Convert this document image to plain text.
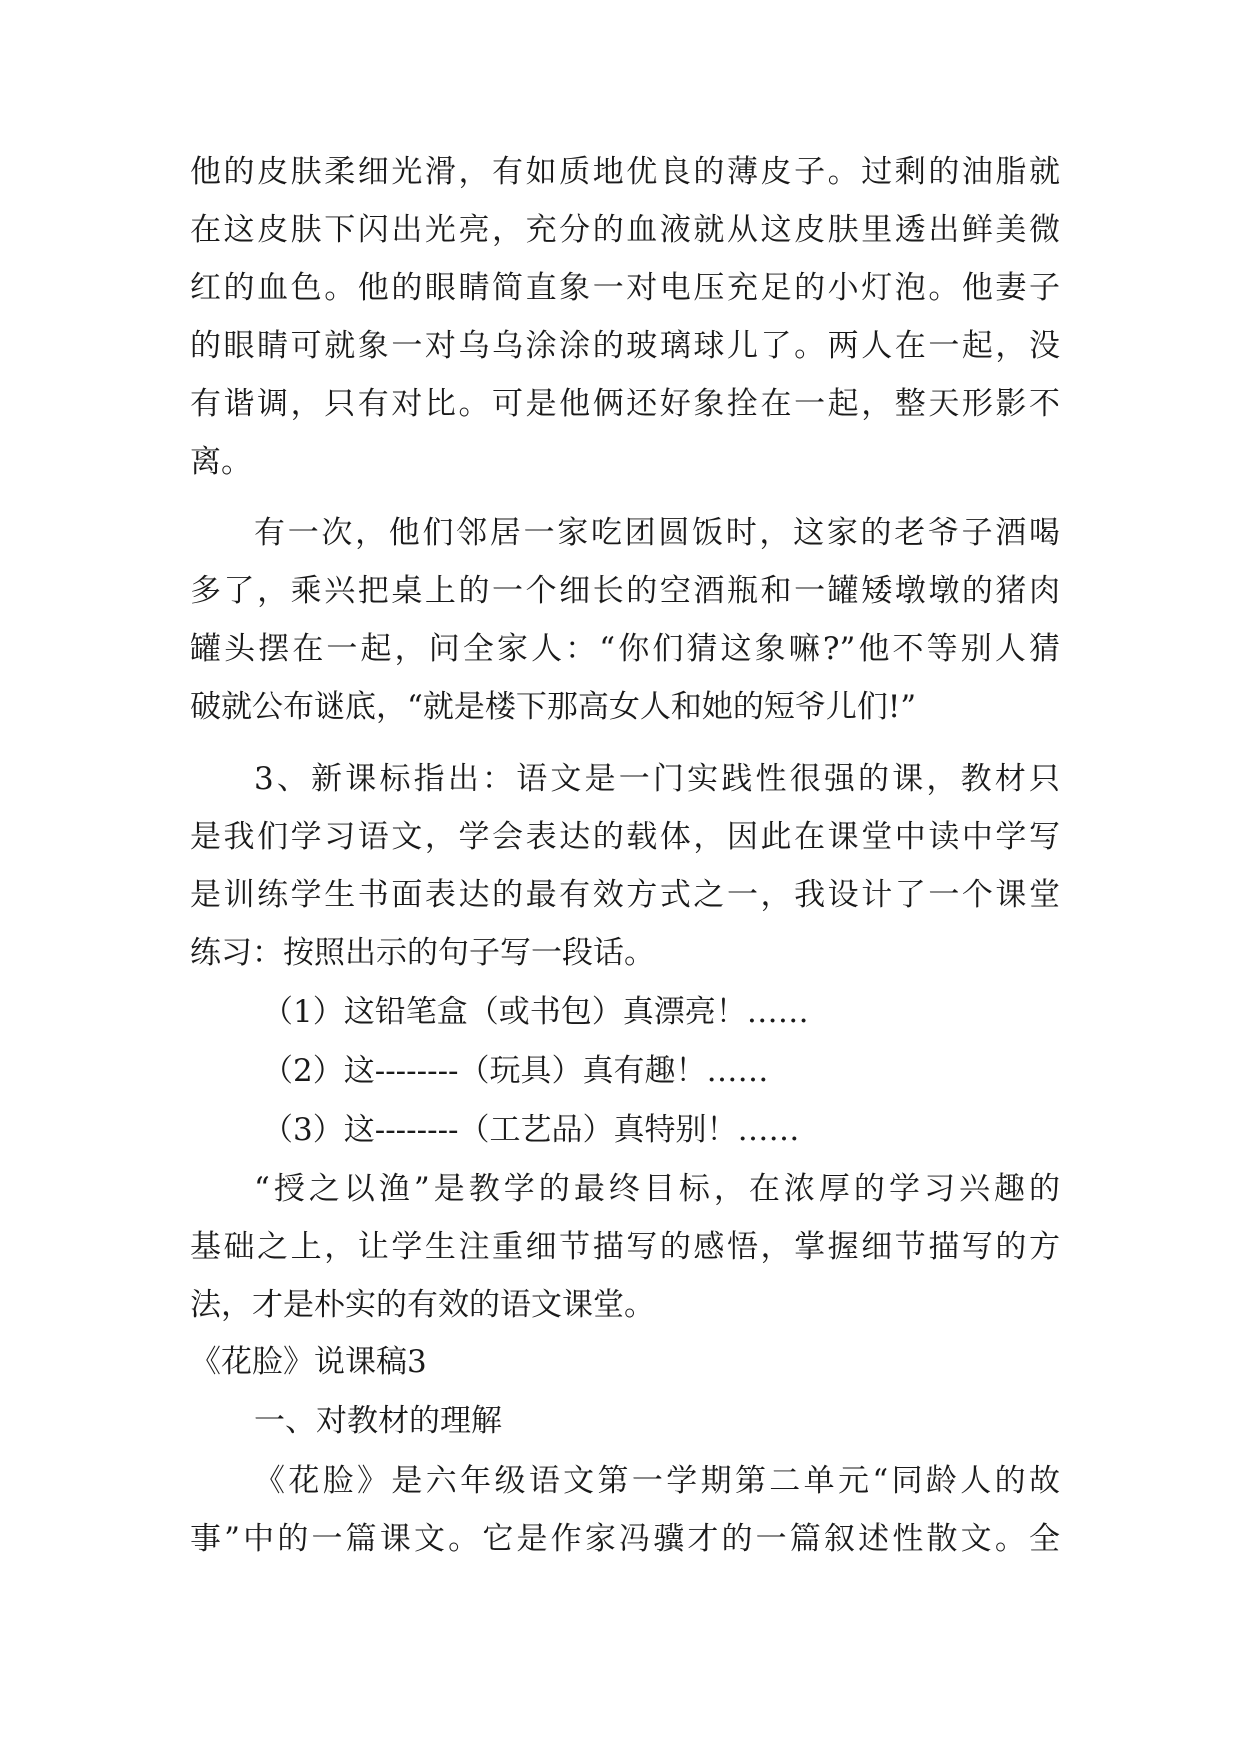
他的皮肤柔细光滑，有如质地优良的薄皮子。过剩的油脂就
在这皮肤下闪出光亮，充分的血液就从这皮肤里透出鲜美微
红的血色。他的眼睛简直象一对电压充足的小灯泡。他妻子
的眼睛可就象一对乌乌涂涂的玻璃球儿了。两人在一起，没
有谐调，只有对比。可是他俩还好象拴在一起，整天形影不
离。
有一次，他们邻居一家吃团圆饭时，这家的老爷子酒喝
多了，乘兴把桌上的一个细长的空酒瓶和一罐矮墩墩的猪肉
罐头摆在一起，问全家人：“你们猜这象嘛?”他不等别人猜
破就公布谜底，“就是楼下那高女人和她的短爷儿们!”
3、新课标指出：语文是一门实践性很强的课，教材只
是我们学习语文，学会表达的载体，因此在课堂中读中学写
是训练学生书面表达的最有效方式之一，我设计了一个课堂
练习：按照出示的句子写一段话。
（1）这铅笔盒（或书包）真漂亮！……
（2）这--------（玩具）真有趣！……
（3）这--------（工艺品）真特别！……
“授之以渔”是教学的最终目标，在浓厚的学习兴趣的
基础之上，让学生注重细节描写的感悟，掌握细节描写的方
法，才是朴实的有效的语文课堂。
《花脸》说课稿3
一、对教材的理解
《花脸》是六年级语文第一学期第二单元“同龄人的故
事”中的一篇课文。它是作家冯骥才的一篇叙述性散文。全
